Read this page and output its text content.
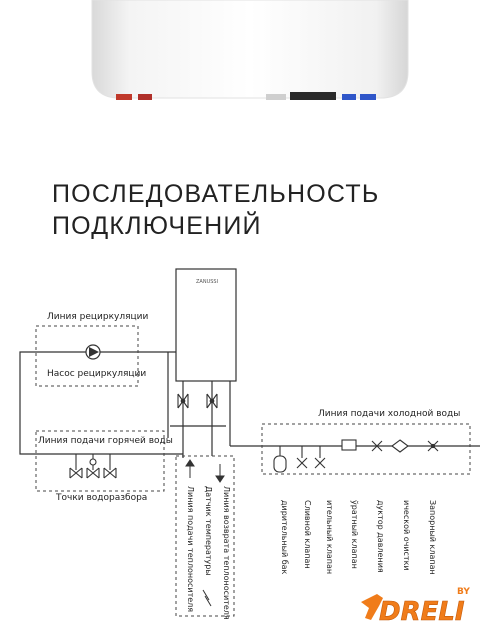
ПОСЛЕДОВАТЕЛЬНОСТЬ
ПОДКЛЮЧЕНИЙ
ZANUSSI
Линия рециркуляции
Насос рециркуляции
Линия подачи горячей воды
Точки водоразбора
Линия подачи холодной воды
Линия подачи теплоносителя Датчик температуры Линия возврата теплоносителя	дирительный бак Сливной клапан ительный клапан ўратный клапан дуктор давления ической очистки Запорный клапан
DRELI
BY
